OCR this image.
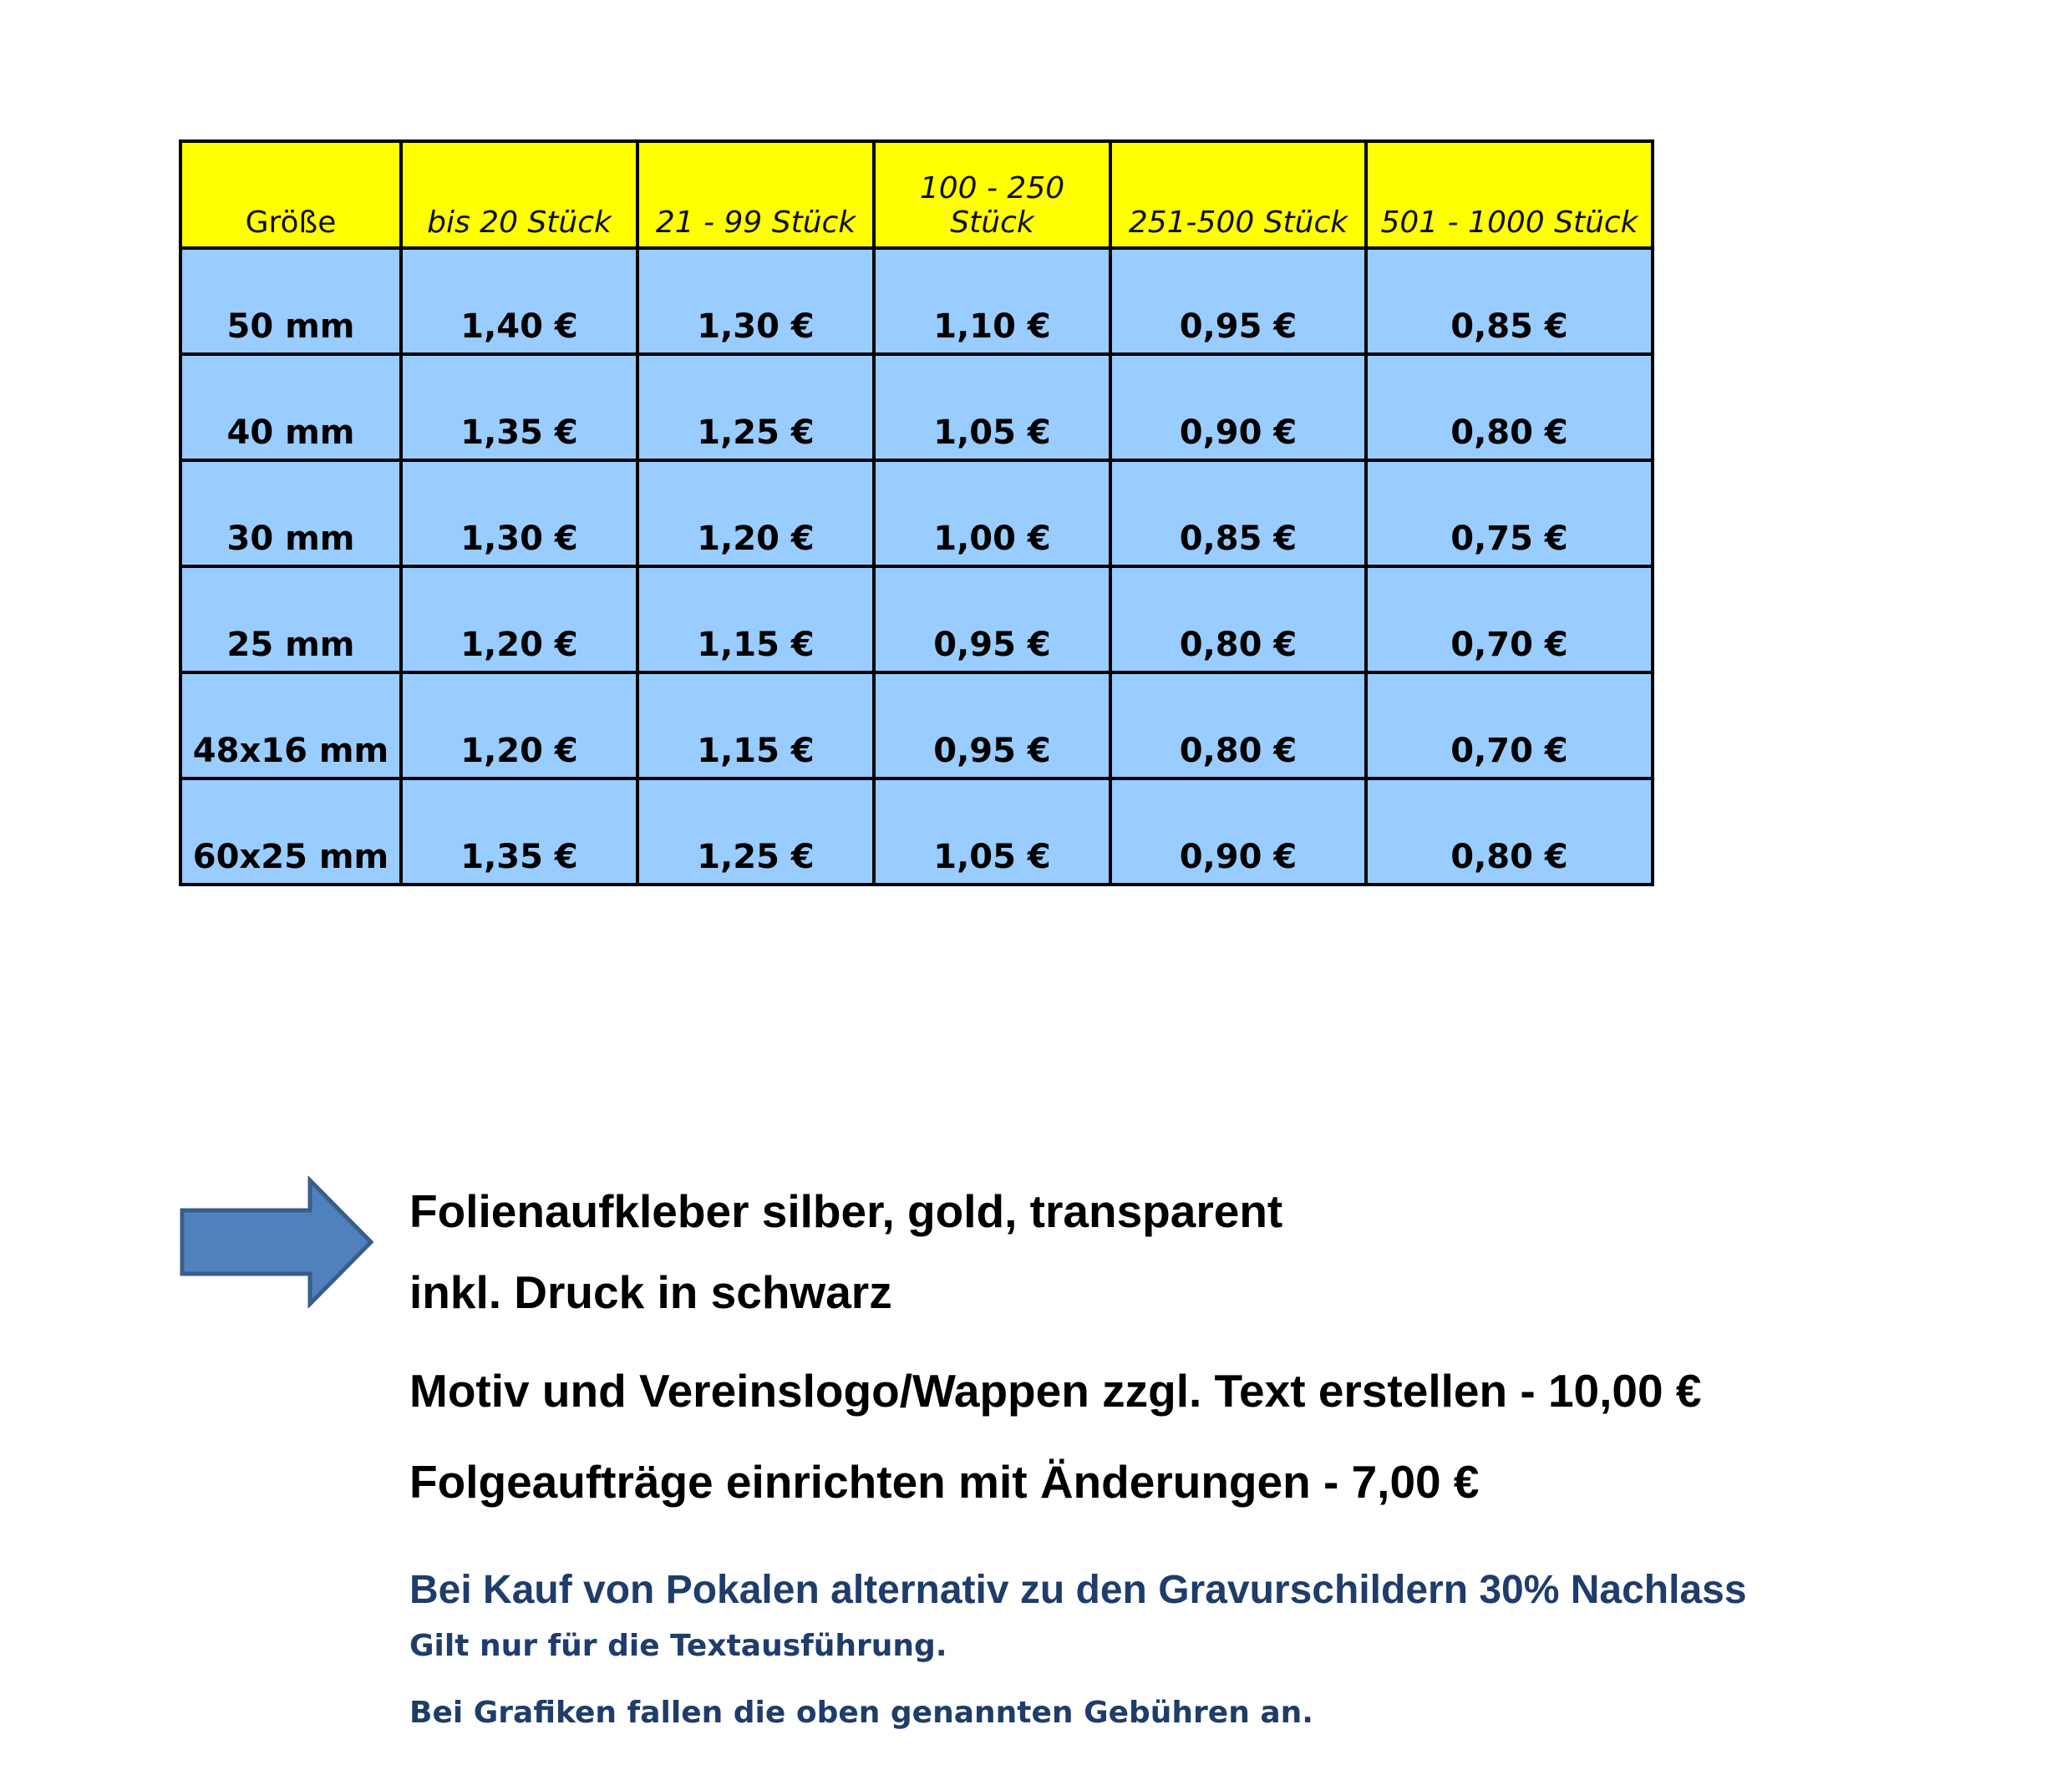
Größe	bis 20 Stück	21 - 99 Stück	100 - 250 Stück	251-500 Stück	501 - 1000 Stück
50 mm	1,40 €	1,30 €	1,10 €	0,95 €	0,85 €
40 mm	1,35 €	1,25 €	1,05 €	0,90 €	0,80 €
30 mm	1,30 €	1,20 €	1,00 €	0,85 €	0,75 €
25 mm	1,20 €	1,15 €	0,95 €	0,80 €	0,70 €
48x16 mm	1,20 €	1,15 €	0,95 €	0,80 €	0,70 €
60x25 mm	1,35 €	1,25 €	1,05 €	0,90 €	0,80 €

Folienaufkleber silber, gold, transparent

inkl. Druck in schwarz

Motiv und Vereinslogo/Wappen zzgl. Text erstellen - 10,00 €

Folgeaufträge einrichten mit Änderungen - 7,00 €

Bei Kauf von Pokalen alternativ zu den Gravurschildern 30% Nachlass

Gilt nur für die Textausführung.

Bei Grafiken fallen die oben genannten Gebühren an.
